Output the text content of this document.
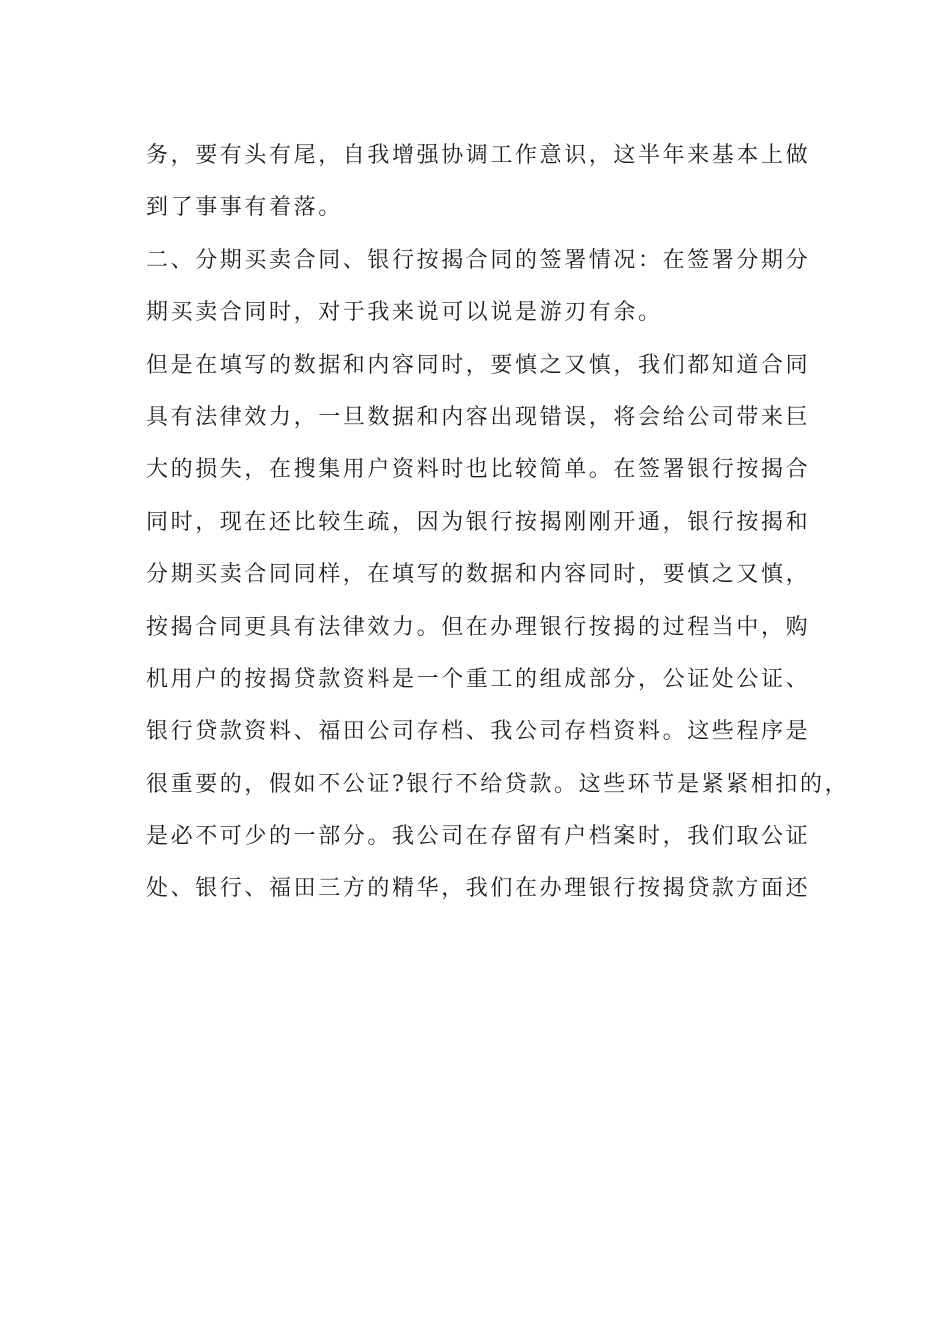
务，要有头有尾，自我增强协调工作意识，这半年来基本上做
到了事事有着落。
二、分期买卖合同、银行按揭合同的签署情况：在签署分期分
期买卖合同时，对于我来说可以说是游刃有余。
但是在填写的数据和内容同时，要慎之又慎，我们都知道合同
具有法律效力，一旦数据和内容出现错误，将会给公司带来巨
大的损失，在搜集用户资料时也比较简单。在签署银行按揭合
同时，现在还比较生疏，因为银行按揭刚刚开通，银行按揭和
分期买卖合同同样，在填写的数据和内容同时，要慎之又慎，
按揭合同更具有法律效力。但在办理银行按揭的过程当中，购
机用户的按揭贷款资料是一个重工的组成部分，公证处公证、
银行贷款资料、福田公司存档、我公司存档资料。这些程序是
很重要的，假如不公证?银行不给贷款。这些环节是紧紧相扣的，
是必不可少的一部分。我公司在存留有户档案时，我们取公证
处、银行、福田三方的精华，我们在办理银行按揭贷款方面还
